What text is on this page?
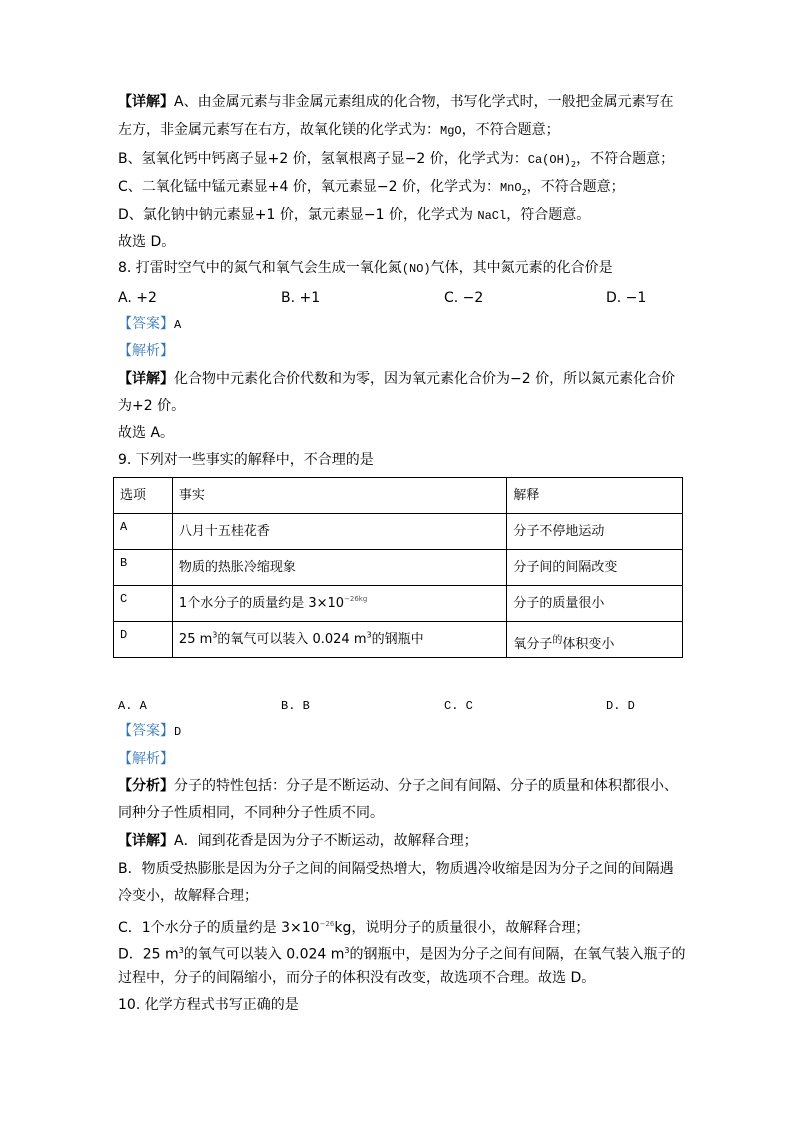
【详解】A、由金属元素与非金属元素组成的化合物，书写化学式时，一般把金属元素写在
左方，非金属元素写在右方，故氧化镁的化学式为：MgO，不符合题意；
B、氢氧化钙中钙离子显+2 价，氢氧根离子显−2 价，化学式为：$Ca(OH)_2$，不符合题意；
C、二氧化锰中锰元素显+4 价，氧元素显−2 价，化学式为：MnO$_2$，不符合题意；
D、氯化钠中钠元素显+1 价，氯元素显−1 价，化学式为 NaCl，符合题意。
故选 D。
8. 打雷时空气中的氮气和氧气会生成一氧化氮(NO)气体，其中氮元素的化合价是
A. +2	B. +1	C. −2	D. −1
【答案】A
【解析】
【详解】化合物中元素化合价代数和为零，因为氧元素化合价为−2 价，所以氮元素化合价
为+2 价。
故选 A。
9. 下列对一些事实的解释中，不合理的是
选项	事实	解释
A	八月十五桂花香	分子不停地运动
B	物质的热胀冷缩现象	分子间的间隔改变
C	1个水分子的质量约是 $3\times 10^{-26kg}$	分子的质量很小
D	25 $m^3$的氧气可以装入 0.024 $m^3$的钢瓶中	氧分子$^的$体积变小
A. A	B. B	C. C	D. D
【答案】D
【解析】
【分析】分子的特性包括：分子是不断运动、分子之间有间隔、分子的质量和体积都很小、
同种分子性质相同，不同种分子性质不同。
【详解】A．闻到花香是因为分子不断运动，故解释合理；
B．物质受热膨胀是因为分子之间的间隔受热增大，物质遇冷收缩是因为分子之间的间隔遇
冷变小，故解释合理；
C．1个水分子的质量约是 $3\times 10^{-26}kg$，说明分子的质量很小，故解释合理；
D．25 $m^3$的氧气可以装入 0.024 $m^3$的钢瓶中，是因为分子之间有间隔，在氧气装入瓶子的
过程中，分子的间隔缩小，而分子的体积没有改变，故选项不合理。故选 D。
10. 化学方程式书写正确的是
